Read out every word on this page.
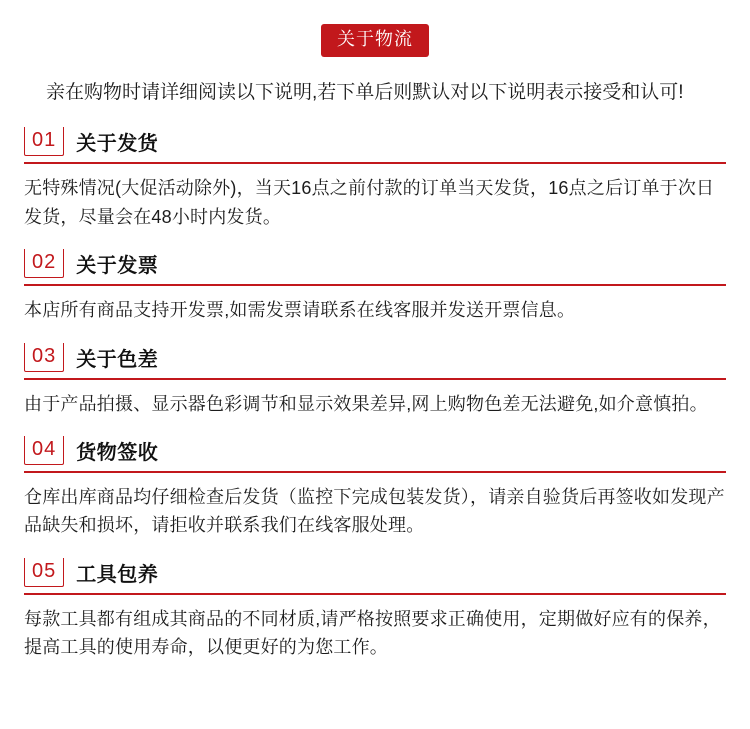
关于物流
亲在购物时请详细阅读以下说明,若下单后则默认对以下说明表示接受和认可!
01	关于发货
无特殊情况(大促活动除外)，当天16点之前付款的订单当天发货，16点之后订单于次日发货，尽量会在48小时内发货。
02	关于发票
本店所有商品支持开发票,如需发票请联系在线客服并发送开票信息。
03	关于色差
由于产品拍摄、显示器色彩调节和显示效果差异,网上购物色差无法避免,如介意慎拍。
04	货物签收
仓库出库商品均仔细检查后发货（监控下完成包装发货），请亲自验货后再签收如发现产品缺失和损坏，请拒收并联系我们在线客服处理。
05	工具包养
每款工具都有组成其商品的不同材质,请严格按照要求正确使用，定期做好应有的保养，提高工具的使用寿命，以便更好的为您工作。
